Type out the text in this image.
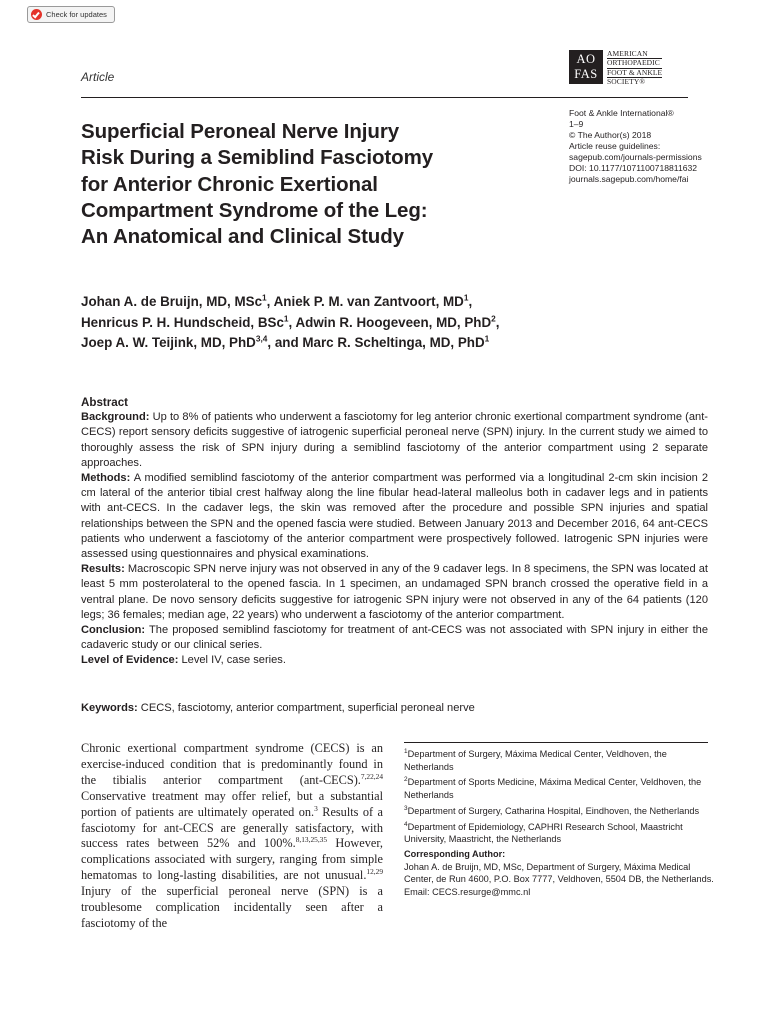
Check for updates
Article
AO
FAS
AMERICAN
ORTHOPAEDIC
FOOT & ANKLE
SOCIETY®
Foot & Ankle International®
1–9
© The Author(s) 2018
Article reuse guidelines:
sagepub.com/journals-permissions
DOI: 10.1177/1071100718811632
journals.sagepub.com/home/fai
Superficial Peroneal Nerve Injury
Risk During a Semiblind Fasciotomy
for Anterior Chronic Exertional
Compartment Syndrome of the Leg:
An Anatomical and Clinical Study
Johan A. de Bruijn, MD, MSc$^1$, Aniek P. M. van Zantvoort, $MD^1$,
Henricus P. H. Hundscheid, BSc$^1$, Adwin R. Hoogeveen, MD, PhD$^2$,
Joep A. W. Teijink, MD, PhD$^{3,4}$, and Marc R. Scheltinga, MD, PhD$^1$

Abstract

Background: Up to 8% of patients who underwent a fasciotomy for leg anterior chronic exertional compartment syndrome (ant-CECS) report sensory deficits suggestive of iatrogenic superficial peroneal nerve (SPN) injury. In the current study we aimed to thoroughly assess the risk of SPN injury during a semiblind fasciotomy of the anterior compartment using 2 separate approaches.

Methods: A modified semiblind fasciotomy of the anterior compartment was performed via a longitudinal 2-cm skin incision 2 cm lateral of the anterior tibial crest halfway along the line fibular head-lateral malleolus both in cadaver legs and in patients with ant-CECS. In the cadaver legs, the skin was removed after the procedure and possible SPN injuries and spatial relationships between the SPN and the opened fascia were studied. Between January 2013 and December 2016, 64 ant-CECS patients who underwent a fasciotomy of the anterior compartment were prospectively followed. Iatrogenic SPN injuries were assessed using questionnaires and physical examinations.

Results: Macroscopic SPN nerve injury was not observed in any of the 9 cadaver legs. In 8 specimens, the SPN was located at least 5 mm posterolateral to the opened fascia. In 1 specimen, an undamaged SPN branch crossed the operative field in a ventral plane. De novo sensory deficits suggestive for iatrogenic SPN injury were not observed in any of the 64 patients (120 legs; 36 females; median age, 22 years) who underwent a fasciotomy of the anterior compartment.

Conclusion: The proposed semiblind fasciotomy for treatment of ant-CECS was not associated with SPN injury in either the cadaveric study or our clinical series.

Level of Evidence: Level IV, case series.

Keywords: CECS, fasciotomy, anterior compartment, superficial peroneal nerve

Chronic exertional compartment syndrome (CECS) is an exercise-induced condition that is predominantly found in the tibialis anterior compartment (ant-CECS).$^{7,22,24}$ Conservative treatment may offer relief, but a substantial portion of patients are ultimately operated on.$^3$ Results of a fasciotomy for ant-CECS are generally satisfactory, with success rates between 52% and 100%.$^{8,13,25,35}$ However, complications associated with surgery, ranging from simple hematomas to long-lasting disabilities, are not unusual.$^{12,29}$ Injury of the superficial peroneal nerve (SPN) is a troublesome complication incidentally seen after a fasciotomy of the

$^1$Department of Surgery, Máxima Medical Center, Veldhoven, the Netherlands
$^2$Department of Sports Medicine, Máxima Medical Center, Veldhoven, the Netherlands
$^3$Department of Surgery, Catharina Hospital, Eindhoven, the Netherlands
$^4$Department of Epidemiology, CAPHRI Research School, Maastricht University, Maastricht, the Netherlands
Corresponding Author:
Johan A. de Bruijn, MD, MSc, Department of Surgery, Máxima Medical Center, de Run 4600, P.O. Box 7777, Veldhoven, 5504 DB, the Netherlands.
Email: CECS.resurge@mmc.nl
